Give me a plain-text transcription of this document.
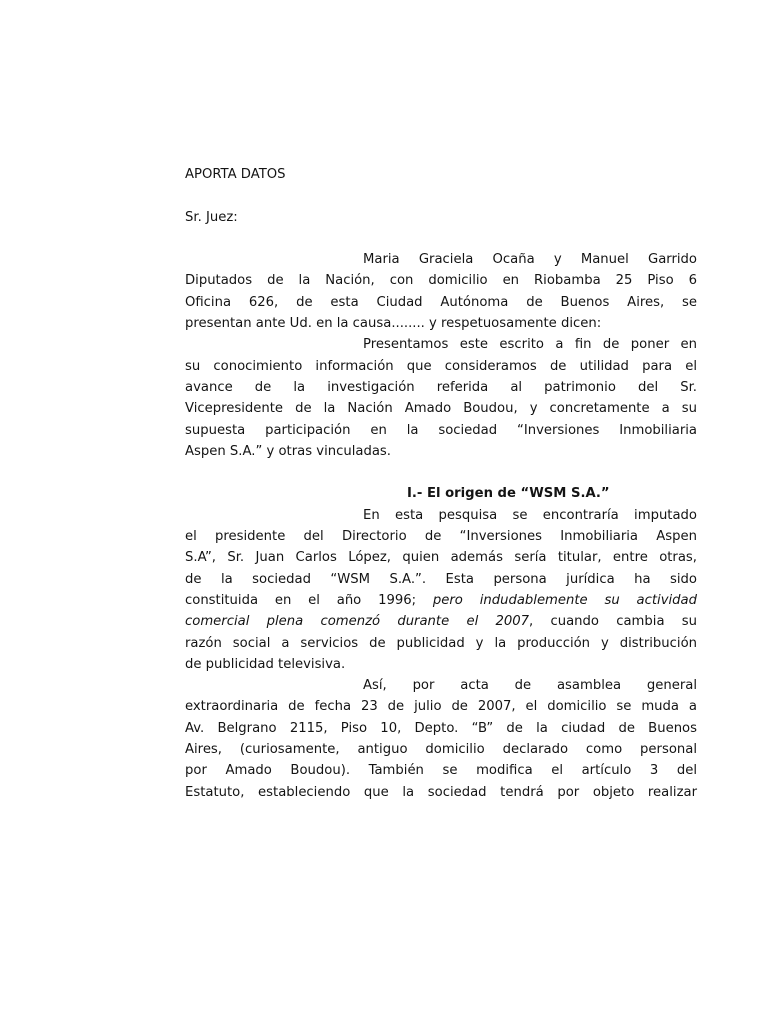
APORTA DATOS
Sr. Juez:
Maria Graciela Ocaña y Manuel Garrido
Diputados de la Nación, con domicilio en Riobamba 25 Piso 6
Oficina 626, de esta Ciudad Autónoma de Buenos Aires, se
presentan ante Ud. en la causa........ y respetuosamente dicen:
Presentamos este escrito a fin de poner en
su conocimiento información que consideramos de utilidad para el
avance de la investigación referida al patrimonio del Sr.
Vicepresidente de la Nación Amado Boudou, y concretamente a su
supuesta participación en la sociedad “Inversiones Inmobiliaria
Aspen S.A.” y otras vinculadas.
I.- El origen de “WSM S.A.”
En esta pesquisa se encontraría imputado
el presidente del Directorio de “Inversiones Inmobiliaria Aspen
S.A”, Sr. Juan Carlos López, quien además sería titular, entre otras,
de la sociedad “WSM S.A.”. Esta persona jurídica ha sido
constituida en el año 1996; pero indudablemente su actividad
comercial plena comenzó durante el 2007, cuando cambia su
razón social a servicios de publicidad y la producción y distribución
de publicidad televisiva.
Así, por acta de asamblea general
extraordinaria de fecha 23 de julio de 2007, el domicilio se muda a
Av. Belgrano 2115, Piso 10, Depto. “B” de la ciudad de Buenos
Aires, (curiosamente, antiguo domicilio declarado como personal
por Amado Boudou). También se modifica el artículo 3 del
Estatuto, estableciendo que la sociedad tendrá por objeto realizar
